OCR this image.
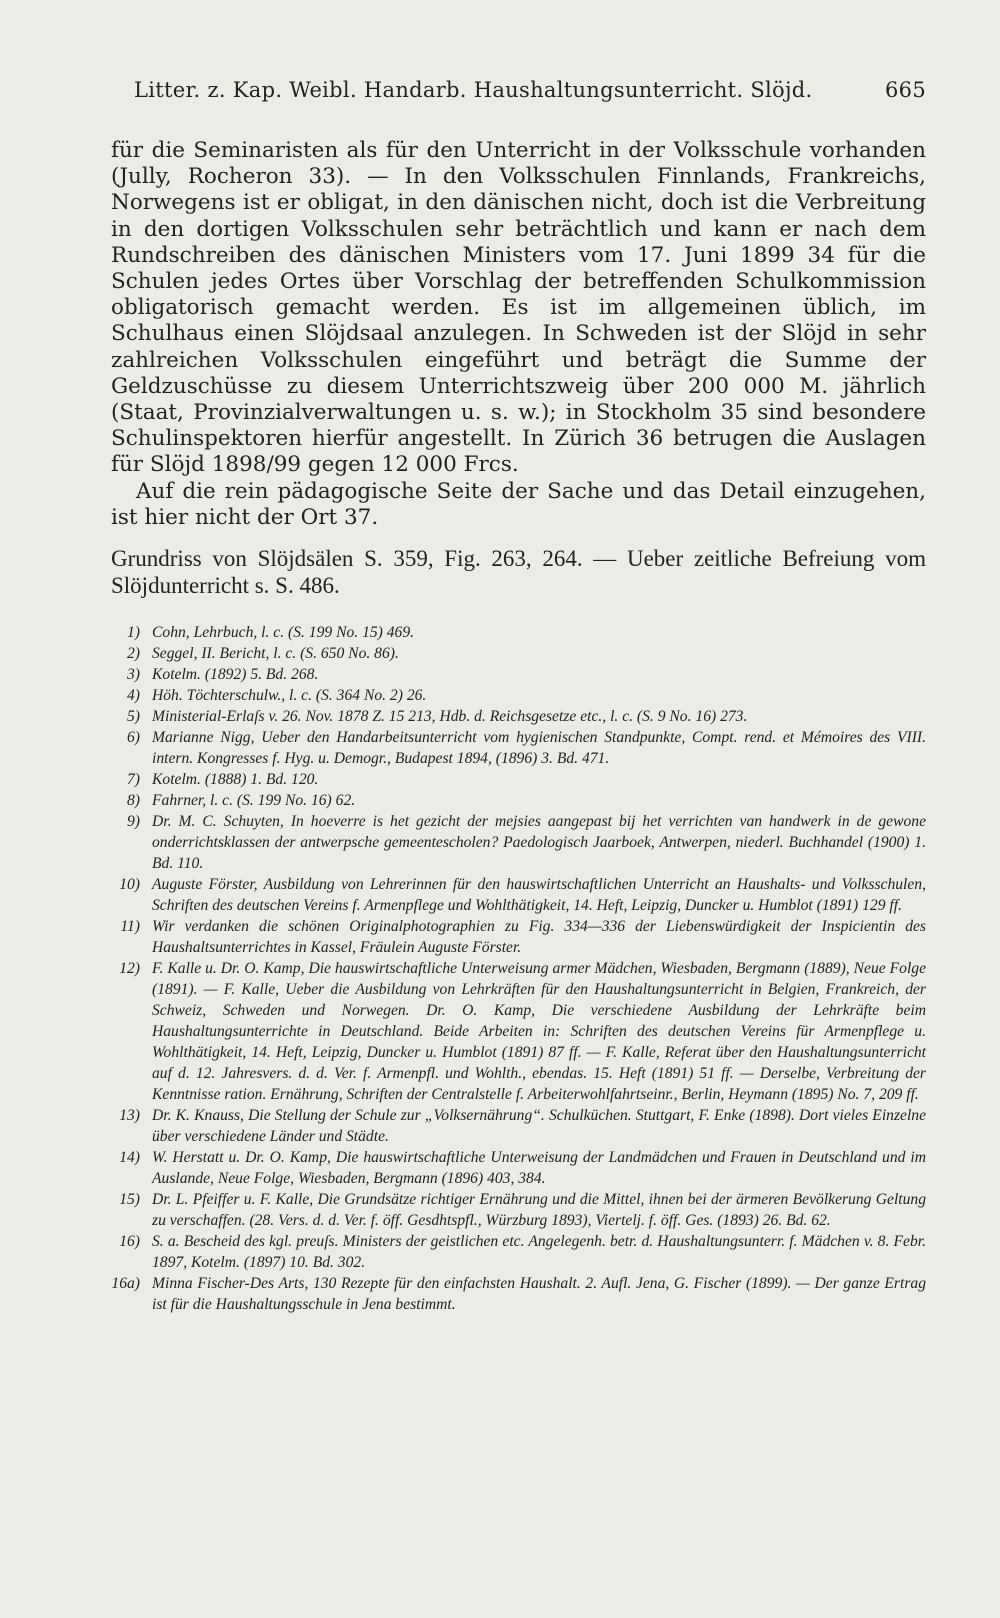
Litter. z. Kap. Weibl. Handarb. Haushaltungsunterricht. Slöjd.	665

für die Seminaristen als für den Unterricht in der Volksschule vorhanden (Jully, Rocheron 33). — In den Volksschulen Finnlands, Frankreichs, Norwegens ist er obligat, in den dänischen nicht, doch ist die Verbreitung in den dortigen Volksschulen sehr beträchtlich und kann er nach dem Rundschreiben des dänischen Ministers vom 17. Juni 1899 34 für die Schulen jedes Ortes über Vorschlag der betreffenden Schulkommission obligatorisch gemacht werden. Es ist im allgemeinen üblich, im Schulhaus einen Slöjdsaal anzulegen. In Schweden ist der Slöjd in sehr zahlreichen Volksschulen eingeführt und beträgt die Summe der Geldzuschüsse zu diesem Unterrichtszweig über 200 000 M. jährlich (Staat, Provinzialverwaltungen u. s. w.); in Stockholm 35 sind besondere Schulinspektoren hierfür angestellt. In Zürich 36 betrugen die Auslagen für Slöjd 1898/99 gegen 12 000 Frcs.

Auf die rein pädagogische Seite der Sache und das Detail einzugehen, ist hier nicht der Ort 37.

Grundriss von Slöjdsälen S. 359, Fig. 263, 264. — Ueber zeitliche Befreiung vom Slöjdunterricht s. S. 486.
1) Cohn, Lehrbuch, l. c. (S. 199 No. 15) 469.
2) Seggel, II. Bericht, l. c. (S. 650 No. 86).
3) Kotelm. (1892) 5. Bd. 268.
4) Höh. Töchterschulw., l. c. (S. 364 No. 2) 26.
5) Ministerial-Erlaſs v. 26. Nov. 1878 Z. 15 213, Hdb. d. Reichsgesetze etc., l. c. (S. 9 No. 16) 273.
6) Marianne Nigg, Ueber den Handarbeitsunterricht vom hygienischen Standpunkte, Compt. rend. et Mémoires des VIII. intern. Kongresses f. Hyg. u. Demogr., Budapest 1894, (1896) 3. Bd. 471.
7) Kotelm. (1888) 1. Bd. 120.
8) Fahrner, l. c. (S. 199 No. 16) 62.
9) Dr. M. C. Schuyten, In hoeverre is het gezicht der mejsies aangepast bij het verrichten van handwerk in de gewone onderrichtsklassen der antwerpsche gemeentescholen? Paedologisch Jaarboek, Antwerpen, niederl. Buchhandel (1900) 1. Bd. 110.
10) Auguste Förster, Ausbildung von Lehrerinnen für den hauswirtschaftlichen Unterricht an Haushalts- und Volksschulen, Schriften des deutschen Vereins f. Armenpflege und Wohlthätigkeit, 14. Heft, Leipzig, Duncker u. Humblot (1891) 129 ff.
11) Wir verdanken die schönen Originalphotographien zu Fig. 334—336 der Liebenswürdigkeit der Inspicientin des Haushaltsunterrichtes in Kassel, Fräulein Auguste Förster.
12) F. Kalle u. Dr. O. Kamp, Die hauswirtschaftliche Unterweisung armer Mädchen, Wiesbaden, Bergmann (1889), Neue Folge (1891). — F. Kalle, Ueber die Ausbildung von Lehrkräften für den Haushaltungsunterricht in Belgien, Frankreich, der Schweiz, Schweden und Norwegen. Dr. O. Kamp, Die verschiedene Ausbildung der Lehrkräfte beim Haushaltungsunterrichte in Deutschland. Beide Arbeiten in: Schriften des deutschen Vereins für Armenpflege u. Wohlthätigkeit, 14. Heft, Leipzig, Duncker u. Humblot (1891) 87 ff. — F. Kalle, Referat über den Haushaltungsunterricht auf d. 12. Jahresvers. d. d. Ver. f. Armenpfl. und Wohlth., ebendas. 15. Heft (1891) 51 ff. — Derselbe, Verbreitung der Kenntnisse ration. Ernährung, Schriften der Centralstelle f. Arbeiterwohlfahrtseinr., Berlin, Heymann (1895) No. 7, 209 ff.
13) Dr. K. Knauss, Die Stellung der Schule zur „Volksernährung“. Schulküchen. Stuttgart, F. Enke (1898). Dort vieles Einzelne über verschiedene Länder und Städte.
14) W. Herstatt u. Dr. O. Kamp, Die hauswirtschaftliche Unterweisung der Landmädchen und Frauen in Deutschland und im Auslande, Neue Folge, Wiesbaden, Bergmann (1896) 403, 384.
15) Dr. L. Pfeiffer u. F. Kalle, Die Grundsätze richtiger Ernährung und die Mittel, ihnen bei der ärmeren Bevölkerung Geltung zu verschaffen. (28. Vers. d. d. Ver. f. öff. Gesdhtspfl., Würzburg 1893), Viertelj. f. öff. Ges. (1893) 26. Bd. 62.
16) S. a. Bescheid des kgl. preuſs. Ministers der geistlichen etc. Angelegenh. betr. d. Haushaltungsunterr. f. Mädchen v. 8. Febr. 1897, Kotelm. (1897) 10. Bd. 302.
16a) Minna Fischer-Des Arts, 130 Rezepte für den einfachsten Haushalt. 2. Aufl. Jena, G. Fischer (1899). — Der ganze Ertrag ist für die Haushaltungsschule in Jena bestimmt.
